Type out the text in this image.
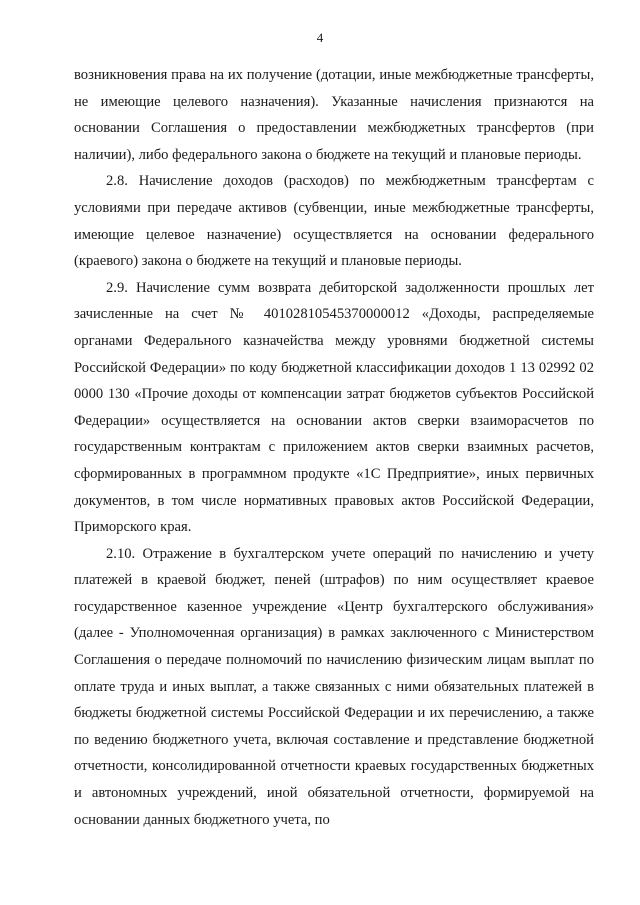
4

возникновения права на их получение (дотации, иные межбюджетные трансферты, не имеющие целевого назначения). Указанные начисления признаются на основании Соглашения о предоставлении межбюджетных трансфертов (при наличии), либо федерального закона о бюджете на текущий и плановые периоды.

2.8. Начисление доходов (расходов) по межбюджетным трансфертам с условиями при передаче активов (субвенции, иные межбюджетные трансферты, имеющие целевое назначение) осуществляется на основании федерального (краевого) закона о бюджете на текущий и плановые периоды.

2.9. Начисление сумм возврата дебиторской задолженности прошлых лет зачисленные на счет № 40102810545370000012 «Доходы, распределяемые органами Федерального казначейства между уровнями бюджетной системы Российской Федерации» по коду бюджетной классификации доходов 1 13 02992 02 0000 130 «Прочие доходы от компенсации затрат бюджетов субъектов Российской Федерации» осуществляется на основании актов сверки взаиморасчетов по государственным контрактам с приложением актов сверки взаимных расчетов, сформированных в программном продукте «1С Предприятие», иных первичных документов, в том числе нормативных правовых актов Российской Федерации, Приморского края.

2.10. Отражение в бухгалтерском учете операций по начислению и учету платежей в краевой бюджет, пеней (штрафов) по ним осуществляет краевое государственное казенное учреждение «Центр бухгалтерского обслуживания» (далее - Уполномоченная организация) в рамках заключенного с Министерством Соглашения о передаче полномочий по начислению физическим лицам выплат по оплате труда и иных выплат, а также связанных с ними обязательных платежей в бюджеты бюджетной системы Российской Федерации и их перечислению, а также по ведению бюджетного учета, включая составление и представление бюджетной отчетности, консолидированной отчетности краевых государственных бюджетных и автономных учреждений, иной обязательной отчетности, формируемой на основании данных бюджетного учета, по
